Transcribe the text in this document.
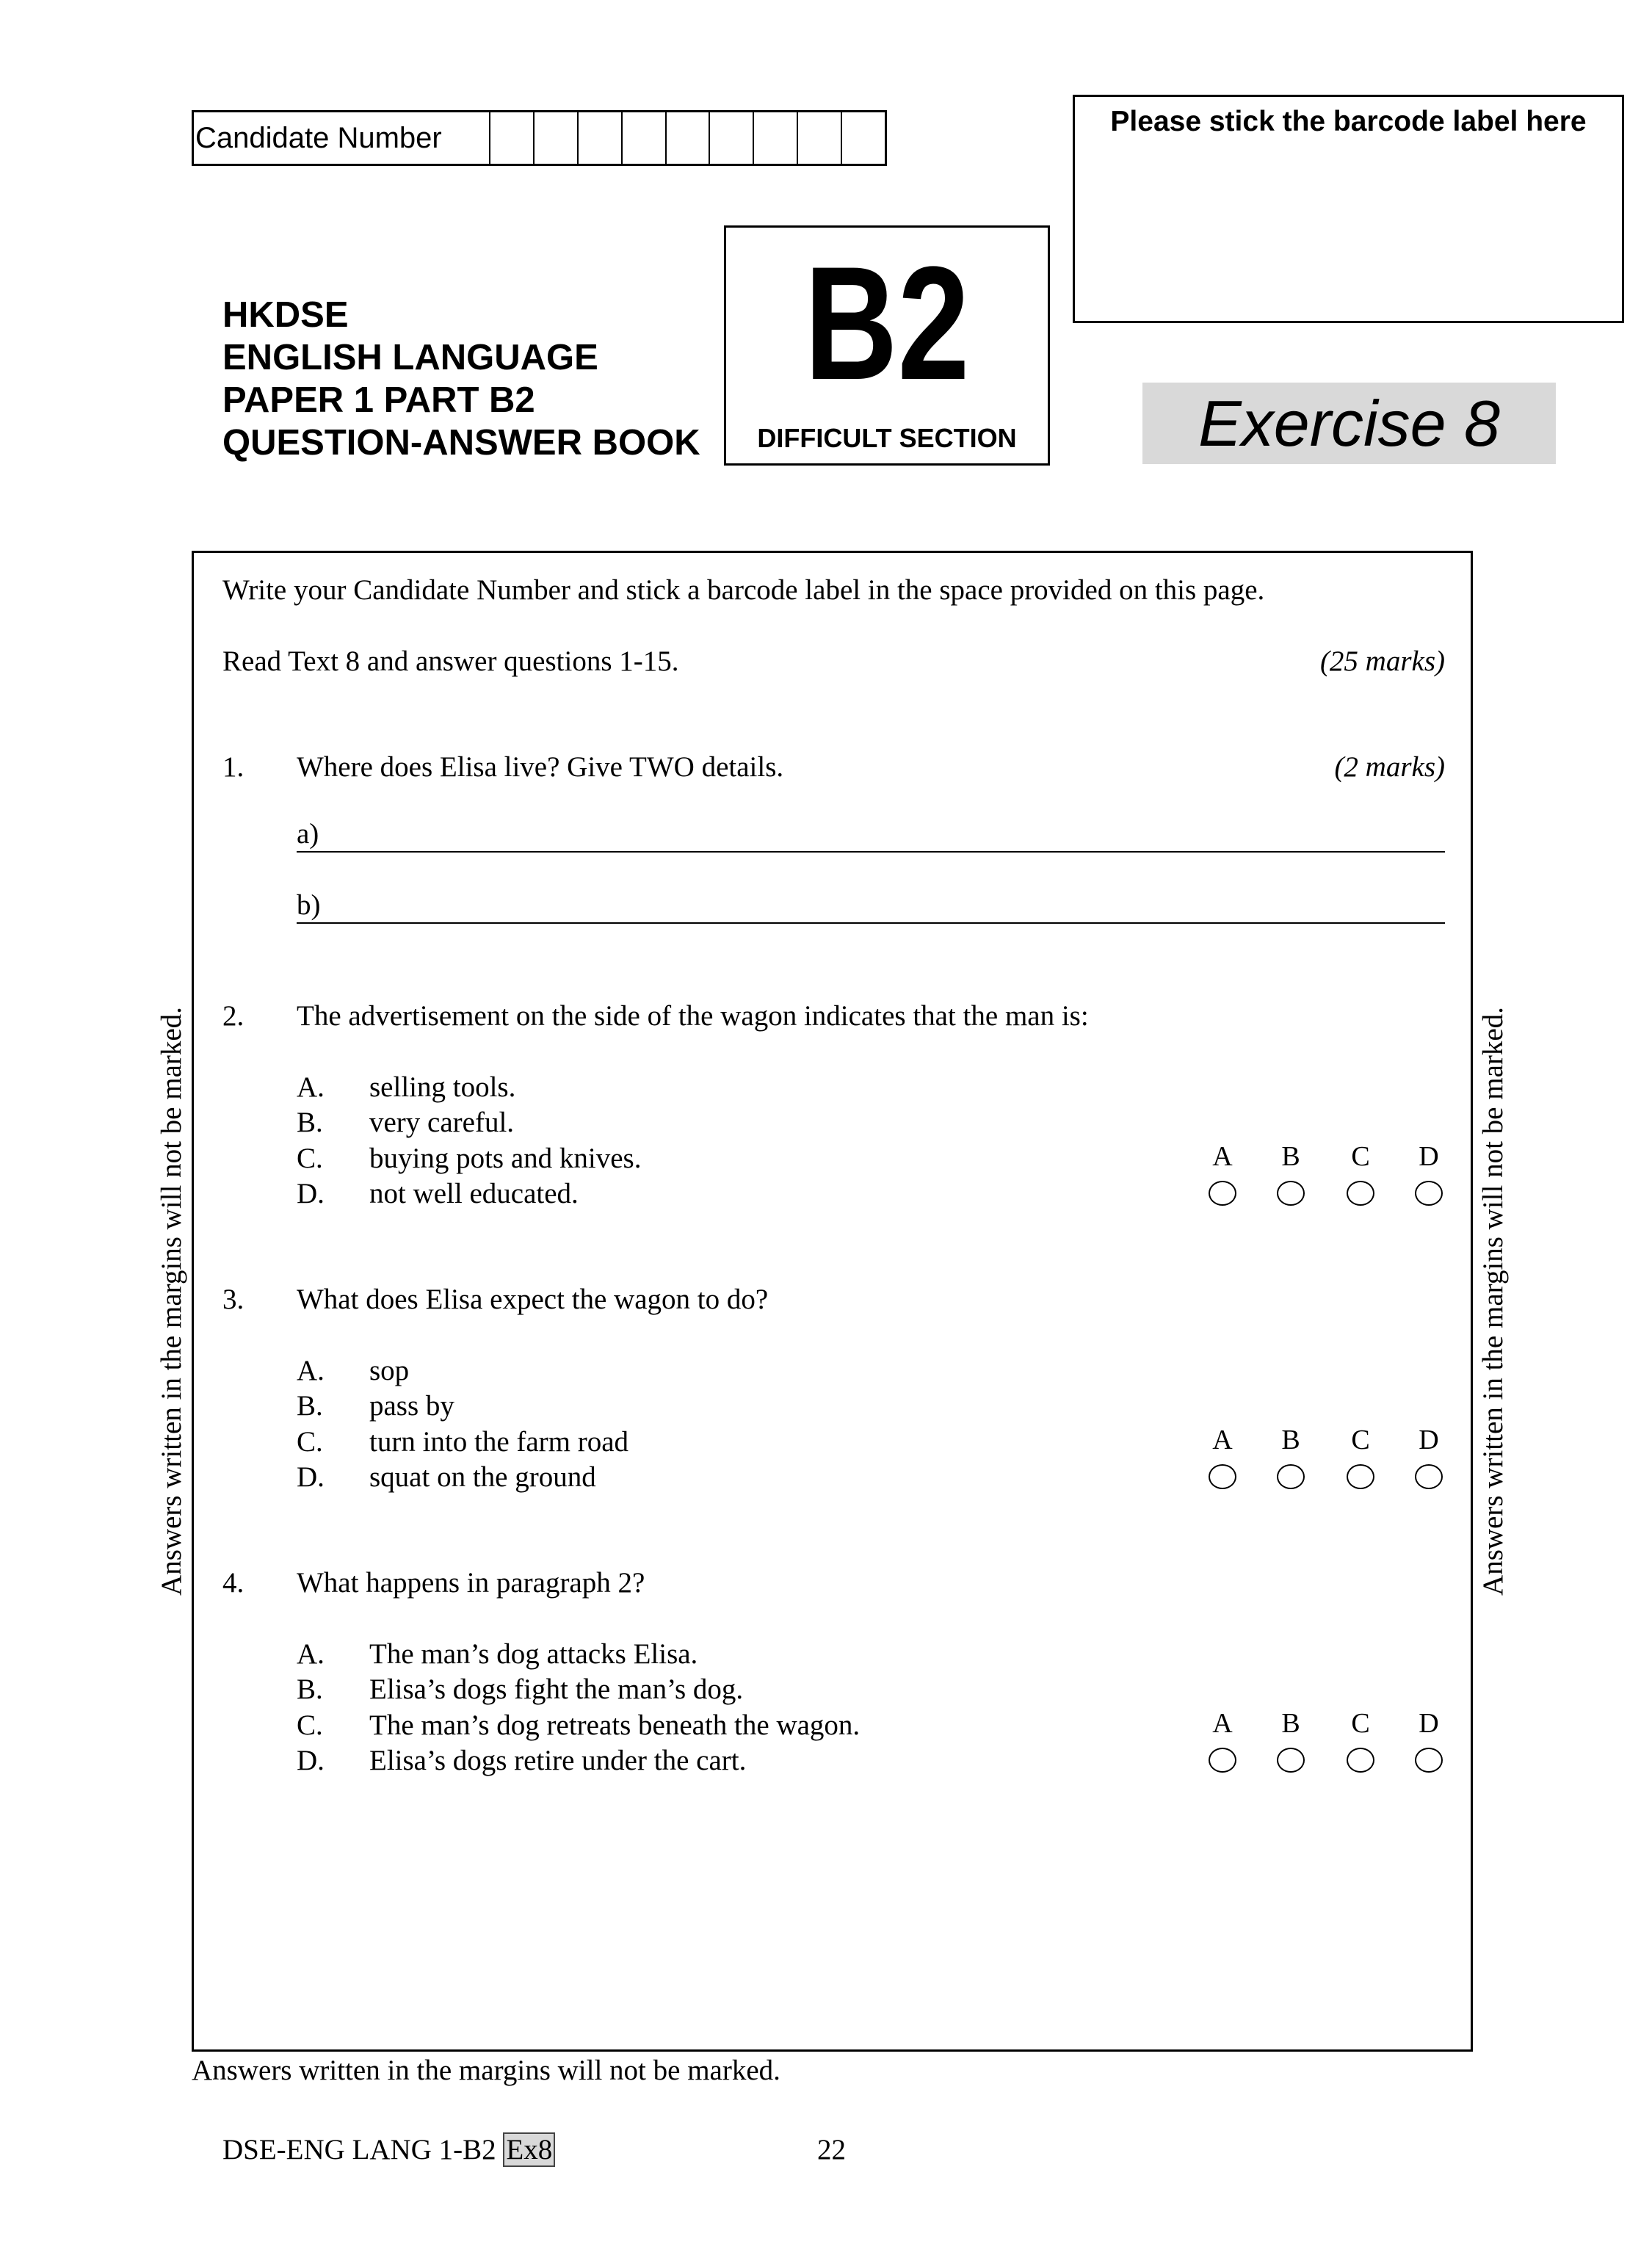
Candidate Number
Please stick the barcode label here
HKDSE
ENGLISH LANGUAGE
PAPER 1 PART B2
QUESTION-ANSWER BOOK
B2
DIFFICULT SECTION	Exercise 8
Answers written in the margins will not be marked.	Answers written in the margins will not be marked.
Write your Candidate Number and stick a barcode label in the space provided on this page.
Read Text 8 and answer questions 1-15.	(25 marks)
1. Where does Elisa live? Give TWO details.	(2 marks)
a)
b)
2. The advertisement on the side of the wagon indicates that the man is:
A. selling tools.
B. very careful.
C. buying pots and knives.
D. not well educated.
3. What does Elisa expect the wagon to do?
A. sop
B. pass by
C. turn into the farm road
D. squat on the ground
4. What happens in paragraph 2?
A. The man’s dog attacks Elisa.
B. Elisa’s dogs fight the man’s dog.
C. The man’s dog retreats beneath the wagon.
D. Elisa’s dogs retire under the cart.
A B C D
A B C D
A B C D
Answers written in the margins will not be marked.
DSE-ENG LANG 1-B2 Ex8	22
